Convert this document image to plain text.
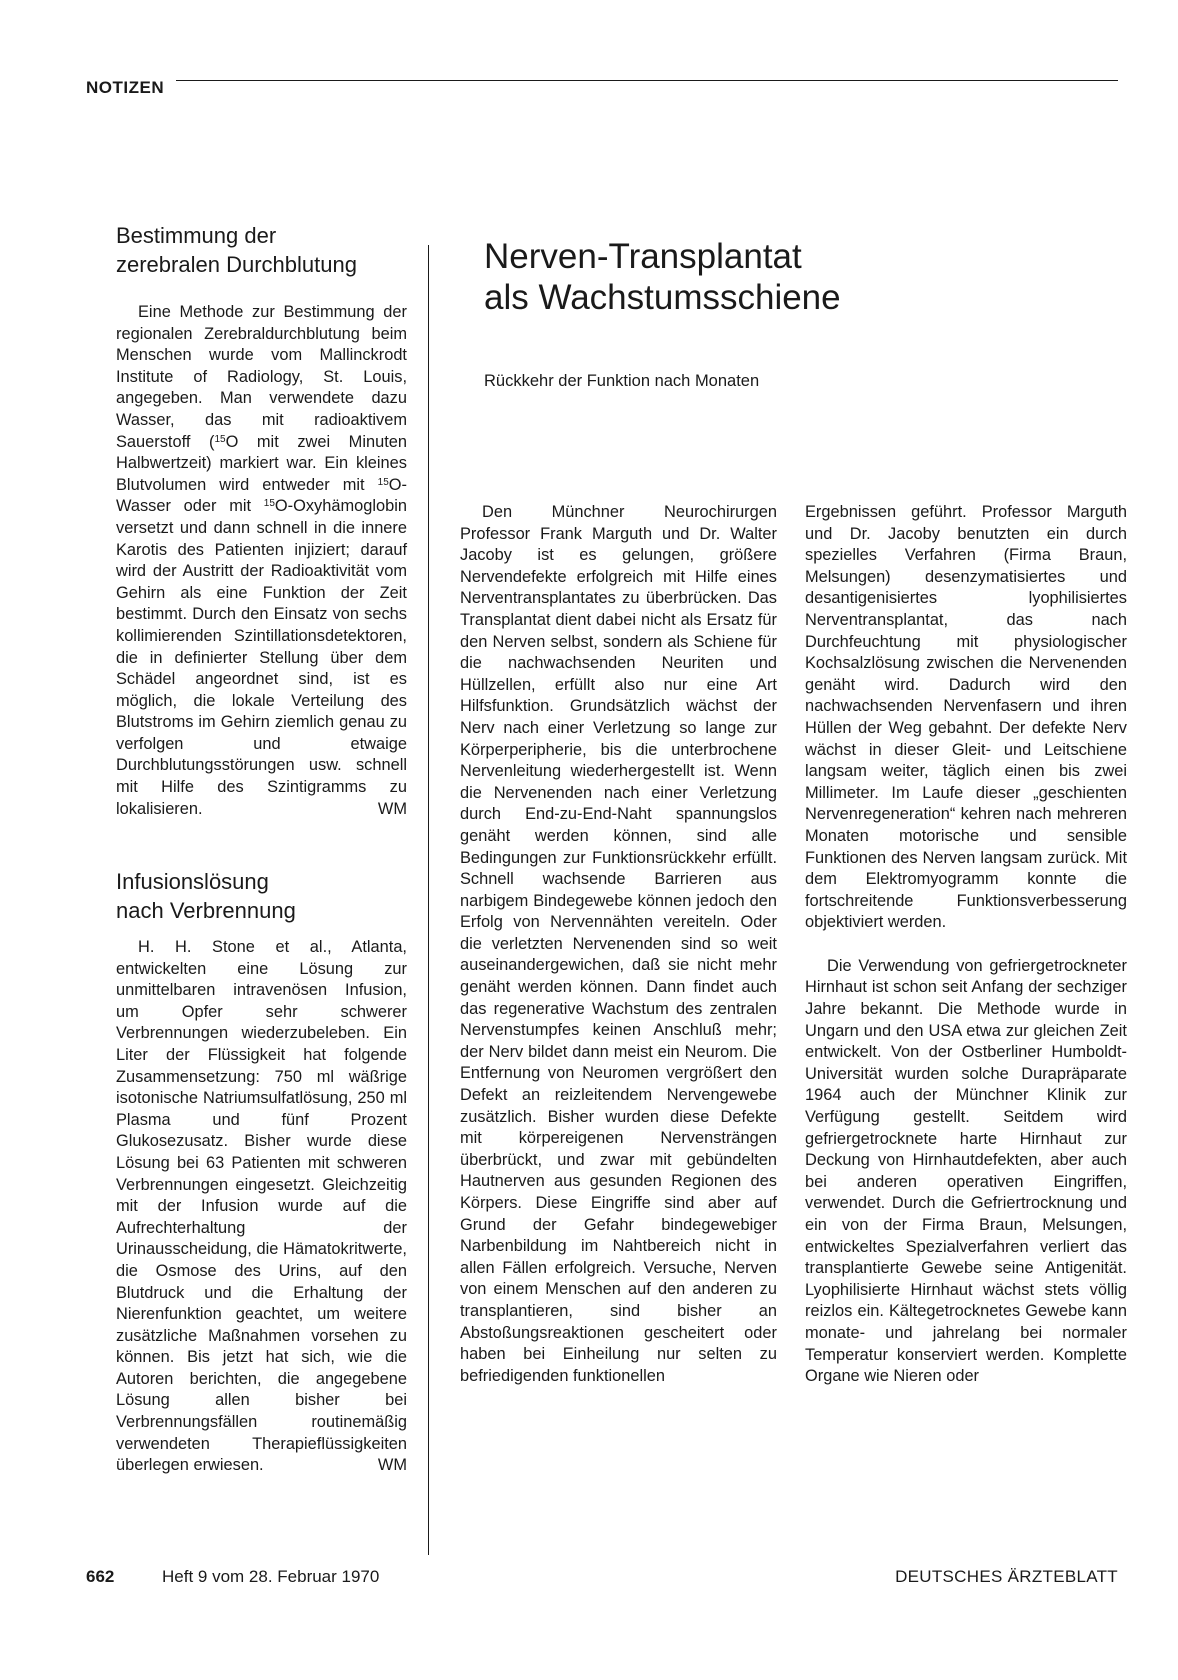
NOTIZEN
Bestimmung der
zerebralen Durchblutung

Eine Methode zur Bestimmung der regionalen Zerebraldurchblutung beim Menschen wurde vom Mallinckrodt Institute of Radiology, St. Louis, angegeben. Man verwendete dazu Wasser, das mit radioaktivem Sauerstoff ($^{15}$O mit zwei Minuten Halbwertzeit) markiert war. Ein kleines Blutvolumen wird entweder mit $^{15}$O-Wasser oder mit $^{15}$O-Oxyhämoglobin versetzt und dann schnell in die innere Karotis des Patienten injiziert; darauf wird der Austritt der Radioaktivität vom Gehirn als eine Funktion der Zeit bestimmt. Durch den Einsatz von sechs kollimierenden Szintillationsdetektoren, die in definierter Stellung über dem Schädel angeordnet sind, ist es möglich, die lokale Verteilung des Blutstroms im Gehirn ziemlich genau zu verfolgen und etwaige Durchblutungsstörungen usw. schnell mit Hilfe des Szintigramms zu lokalisieren.	WM

Infusionslösung
nach Verbrennung

H. H. Stone et al., Atlanta, entwickelten eine Lösung zur unmittelbaren intravenösen Infusion, um Opfer sehr schwerer Verbrennungen wiederzubeleben. Ein Liter der Flüssigkeit hat folgende Zusammensetzung: 750 ml wäßrige isotonische Natriumsulfatlösung, 250 ml Plasma und fünf Prozent Glukosezusatz. Bisher wurde diese Lösung bei 63 Patienten mit schweren Verbrennungen eingesetzt. Gleichzeitig mit der Infusion wurde auf die Aufrechterhaltung der Urinausscheidung, die Hämatokritwerte, die Osmose des Urins, auf den Blutdruck und die Erhaltung der Nierenfunktion geachtet, um weitere zusätzliche Maßnahmen vorsehen zu können. Bis jetzt hat sich, wie die Autoren berichten, die angegebene Lösung allen bisher bei Verbrennungsfällen routinemäßig verwendeten Therapieflüssigkeiten überlegen erwiesen.	WM

Nerven-Transplantat
als Wachstumsschiene
Rückkehr der Funktion nach Monaten

Den Münchner Neurochirurgen Professor Frank Marguth und Dr. Walter Jacoby ist es gelungen, größere Nervendefekte erfolgreich mit Hilfe eines Nerventransplantates zu überbrücken. Das Transplantat dient dabei nicht als Ersatz für den Nerven selbst, sondern als Schiene für die nachwachsenden Neuriten und Hüllzellen, erfüllt also nur eine Art Hilfsfunktion. Grundsätzlich wächst der Nerv nach einer Verletzung so lange zur Körperperipherie, bis die unterbrochene Nervenleitung wiederhergestellt ist. Wenn die Nervenenden nach einer Verletzung durch End-zu-End-Naht spannungslos genäht werden können, sind alle Bedingungen zur Funktionsrückkehr erfüllt. Schnell wachsende Barrieren aus narbigem Bindegewebe können jedoch den Erfolg von Nervennähten vereiteln. Oder die verletzten Nervenenden sind so weit auseinandergewichen, daß sie nicht mehr genäht werden können. Dann findet auch das regenerative Wachstum des zentralen Nervenstumpfes keinen Anschluß mehr; der Nerv bildet dann meist ein Neurom. Die Entfernung von Neuromen vergrößert den Defekt an reizleitendem Nervengewebe zusätzlich. Bisher wurden diese Defekte mit körpereigenen Nervensträngen überbrückt, und zwar mit gebündelten Hautnerven aus gesunden Regionen des Körpers. Diese Eingriffe sind aber auf Grund der Gefahr bindegewebiger Narbenbildung im Nahtbereich nicht in allen Fällen erfolgreich. Versuche, Nerven von einem Menschen auf den anderen zu transplantieren, sind bisher an Abstoßungsreaktionen gescheitert oder haben bei Einheilung nur selten zu befriedigenden funktionellen

Ergebnissen geführt. Professor Marguth und Dr. Jacoby benutzten ein durch spezielles Verfahren (Firma Braun, Melsungen) desenzymatisiertes und desantigenisiertes lyophilisiertes Nerventransplantat, das nach Durchfeuchtung mit physiologischer Kochsalzlösung zwischen die Nervenenden genäht wird. Dadurch wird den nachwachsenden Nervenfasern und ihren Hüllen der Weg gebahnt. Der defekte Nerv wächst in dieser Gleit- und Leitschiene langsam weiter, täglich einen bis zwei Millimeter. Im Laufe dieser „geschienten Nervenregeneration“ kehren nach mehreren Monaten motorische und sensible Funktionen des Nerven langsam zurück. Mit dem Elektromyogramm konnte die fortschreitende Funktionsverbesserung objektiviert werden.

Die Verwendung von gefriergetrockneter Hirnhaut ist schon seit Anfang der sechziger Jahre bekannt. Die Methode wurde in Ungarn und den USA etwa zur gleichen Zeit entwickelt. Von der Ostberliner Humboldt-Universität wurden solche Durapräparate 1964 auch der Münchner Klinik zur Verfügung gestellt. Seitdem wird gefriergetrocknete harte Hirnhaut zur Deckung von Hirnhautdefekten, aber auch bei anderen operativen Eingriffen, verwendet. Durch die Gefriertrocknung und ein von der Firma Braun, Melsungen, entwickeltes Spezialverfahren verliert das transplantierte Gewebe seine Antigenität. Lyophilisierte Hirnhaut wächst stets völlig reizlos ein. Kältegetrocknetes Gewebe kann monate- und jahrelang bei normaler Temperatur konserviert werden. Komplette Organe wie Nieren oder

662	Heft 9 vom 28. Februar 1970	DEUTSCHES ÄRZTEBLATT
